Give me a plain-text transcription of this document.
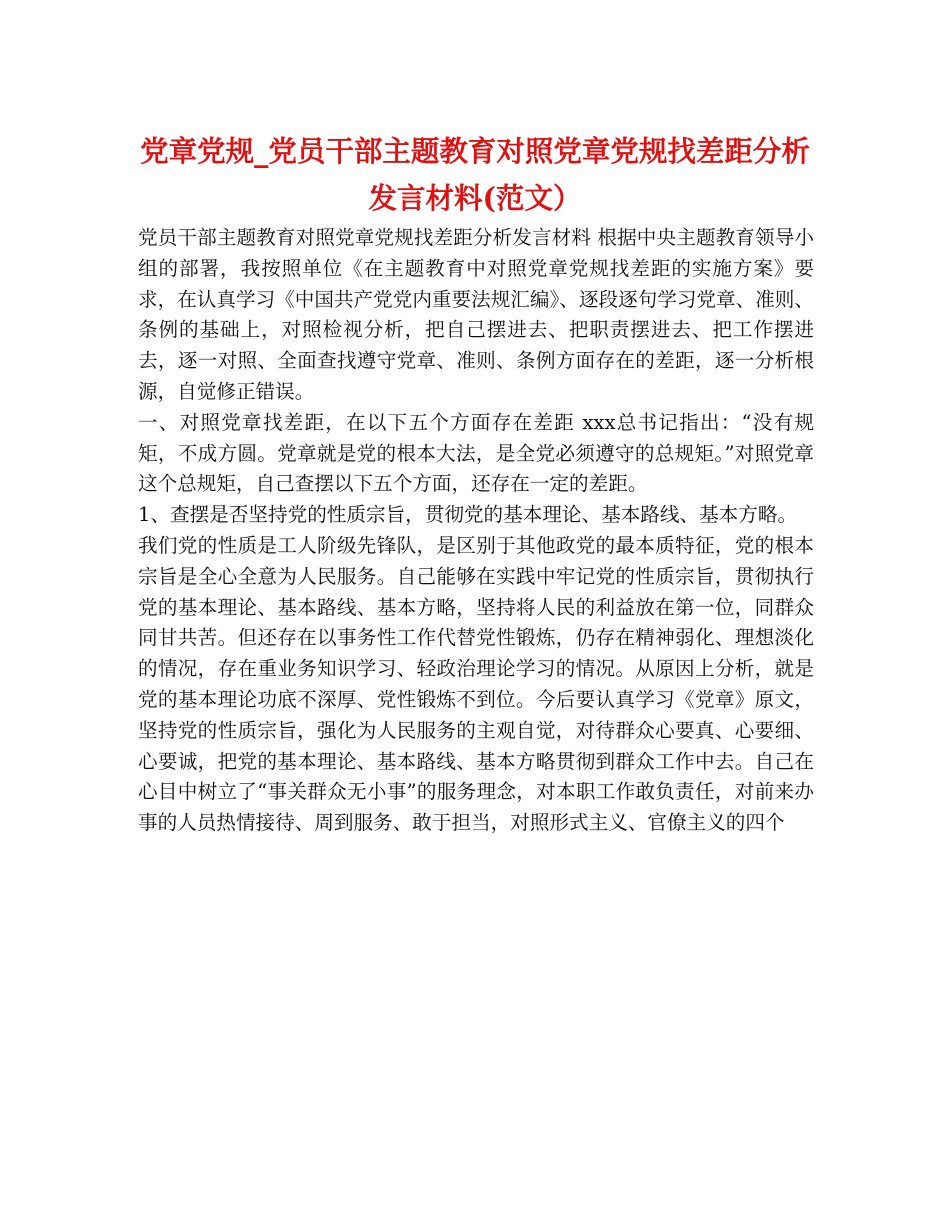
党章党规_党员干部主题教育对照党章党规找差距分析
发言材料(范文）

党员干部主题教育对照党章党规找差距分析发言材料 根据中央主题教育领导小组的部署，我按照单位《在主题教育中对照党章党规找差距的实施方案》要求，在认真学习《中国共产党党内重要法规汇编》、逐段逐句学习党章、准则、条例的基础上，对照检视分析，把自己摆进去、把职责摆进去、把工作摆进去，逐一对照、全面查找遵守党章、准则、条例方面存在的差距，逐一分析根源，自觉修正错误。

一、对照党章找差距，在以下五个方面存在差距 xxx总书记指出：“没有规矩，不成方圆。党章就是党的根本大法，是全党必须遵守的总规矩。”对照党章这个总规矩，自己查摆以下五个方面，还存在一定的差距。

1、查摆是否坚持党的性质宗旨，贯彻党的基本理论、基本路线、基本方略。

我们党的性质是工人阶级先锋队，是区别于其他政党的最本质特征，党的根本宗旨是全心全意为人民服务。自己能够在实践中牢记党的性质宗旨，贯彻执行党的基本理论、基本路线、基本方略，坚持将人民的利益放在第一位，同群众同甘共苦。但还存在以事务性工作代替党性锻炼，仍存在精神弱化、理想淡化的情况，存在重业务知识学习、轻政治理论学习的情况。从原因上分析，就是党的基本理论功底不深厚、党性锻炼不到位。今后要认真学习《党章》原文，坚持党的性质宗旨，强化为人民服务的主观自觉，对待群众心要真、心要细、心要诚，把党的基本理论、基本路线、基本方略贯彻到群众工作中去。自己在心目中树立了“事关群众无小事”的服务理念，对本职工作敢负责任，对前来办事的人员热情接待、周到服务、敢于担当，对照形式主义、官僚主义的四个
